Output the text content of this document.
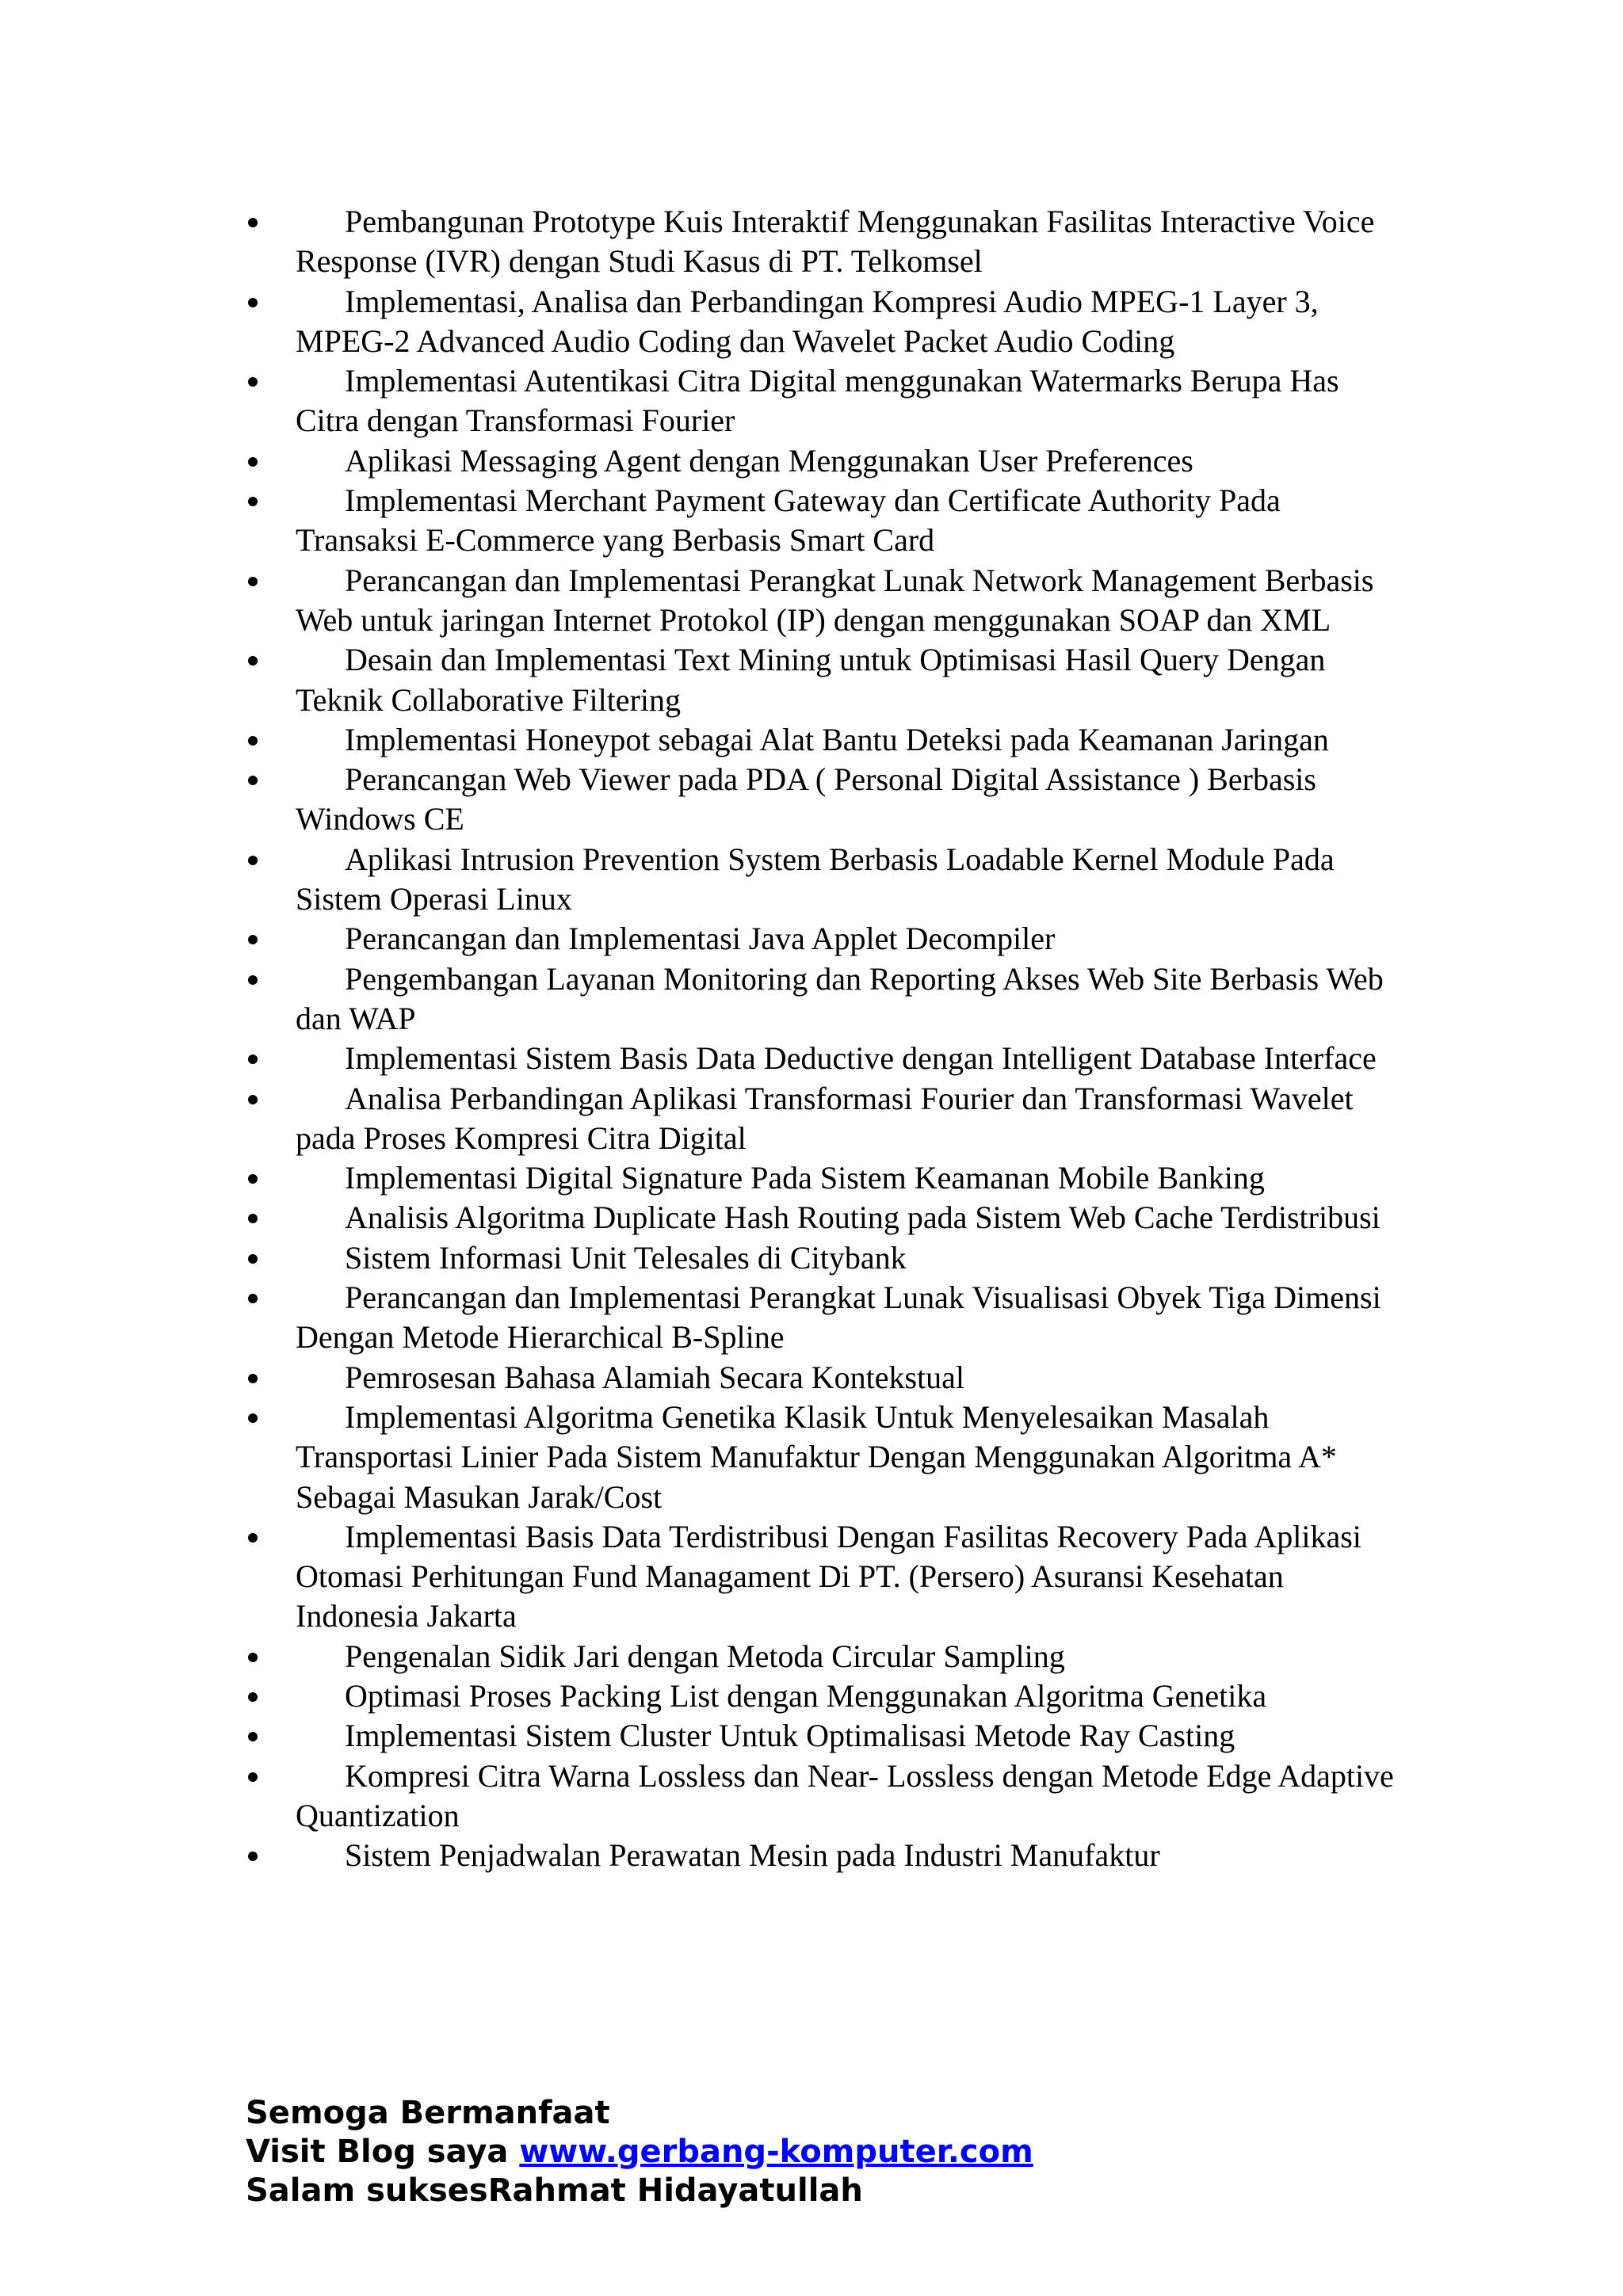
Pembangunan Prototype Kuis Interaktif Menggunakan Fasilitas Interactive Voice Response (IVR) dengan Studi Kasus di PT. Telkomsel
Implementasi, Analisa dan Perbandingan Kompresi Audio MPEG-1 Layer 3, MPEG-2 Advanced Audio Coding dan Wavelet Packet Audio Coding
Implementasi Autentikasi Citra Digital menggunakan Watermarks Berupa Has Citra dengan Transformasi Fourier
Aplikasi Messaging Agent dengan Menggunakan User Preferences
Implementasi Merchant Payment Gateway dan Certificate Authority Pada Transaksi E-Commerce yang Berbasis Smart Card
Perancangan dan Implementasi Perangkat Lunak Network Management Berbasis Web untuk jaringan Internet Protokol (IP) dengan menggunakan SOAP dan XML
Desain dan Implementasi Text Mining untuk Optimisasi Hasil Query Dengan Teknik Collaborative Filtering
Implementasi Honeypot sebagai Alat Bantu Deteksi pada Keamanan Jaringan
Perancangan Web Viewer pada PDA ( Personal Digital Assistance ) Berbasis Windows CE
Aplikasi Intrusion Prevention System Berbasis Loadable Kernel Module Pada Sistem Operasi Linux
Perancangan dan Implementasi Java Applet Decompiler
Pengembangan Layanan Monitoring dan Reporting Akses Web Site Berbasis Web dan WAP
Implementasi Sistem Basis Data Deductive dengan Intelligent Database Interface
Analisa Perbandingan Aplikasi Transformasi Fourier dan Transformasi Wavelet pada Proses Kompresi Citra Digital
Implementasi Digital Signature Pada Sistem Keamanan Mobile Banking
Analisis Algoritma Duplicate Hash Routing pada Sistem Web Cache Terdistribusi
Sistem Informasi Unit Telesales di Citybank
Perancangan dan Implementasi Perangkat Lunak Visualisasi Obyek Tiga Dimensi Dengan Metode Hierarchical B-Spline
Pemrosesan Bahasa Alamiah Secara Kontekstual
Implementasi Algoritma Genetika Klasik Untuk Menyelesaikan Masalah Transportasi Linier Pada Sistem Manufaktur Dengan Menggunakan Algoritma A* Sebagai Masukan Jarak/Cost
Implementasi Basis Data Terdistribusi Dengan Fasilitas Recovery Pada Aplikasi Otomasi Perhitungan Fund Managament Di PT. (Persero) Asuransi Kesehatan Indonesia Jakarta
Pengenalan Sidik Jari dengan Metoda Circular Sampling
Optimasi Proses Packing List dengan Menggunakan Algoritma Genetika
Implementasi Sistem Cluster Untuk Optimalisasi Metode Ray Casting
Kompresi Citra Warna Lossless dan Near- Lossless dengan Metode Edge Adaptive Quantization
Sistem Penjadwalan Perawatan Mesin pada Industri Manufaktur
Semoga Bermanfaat
Visit Blog saya www.gerbang-komputer.com
Salam suksesRahmat Hidayatullah
